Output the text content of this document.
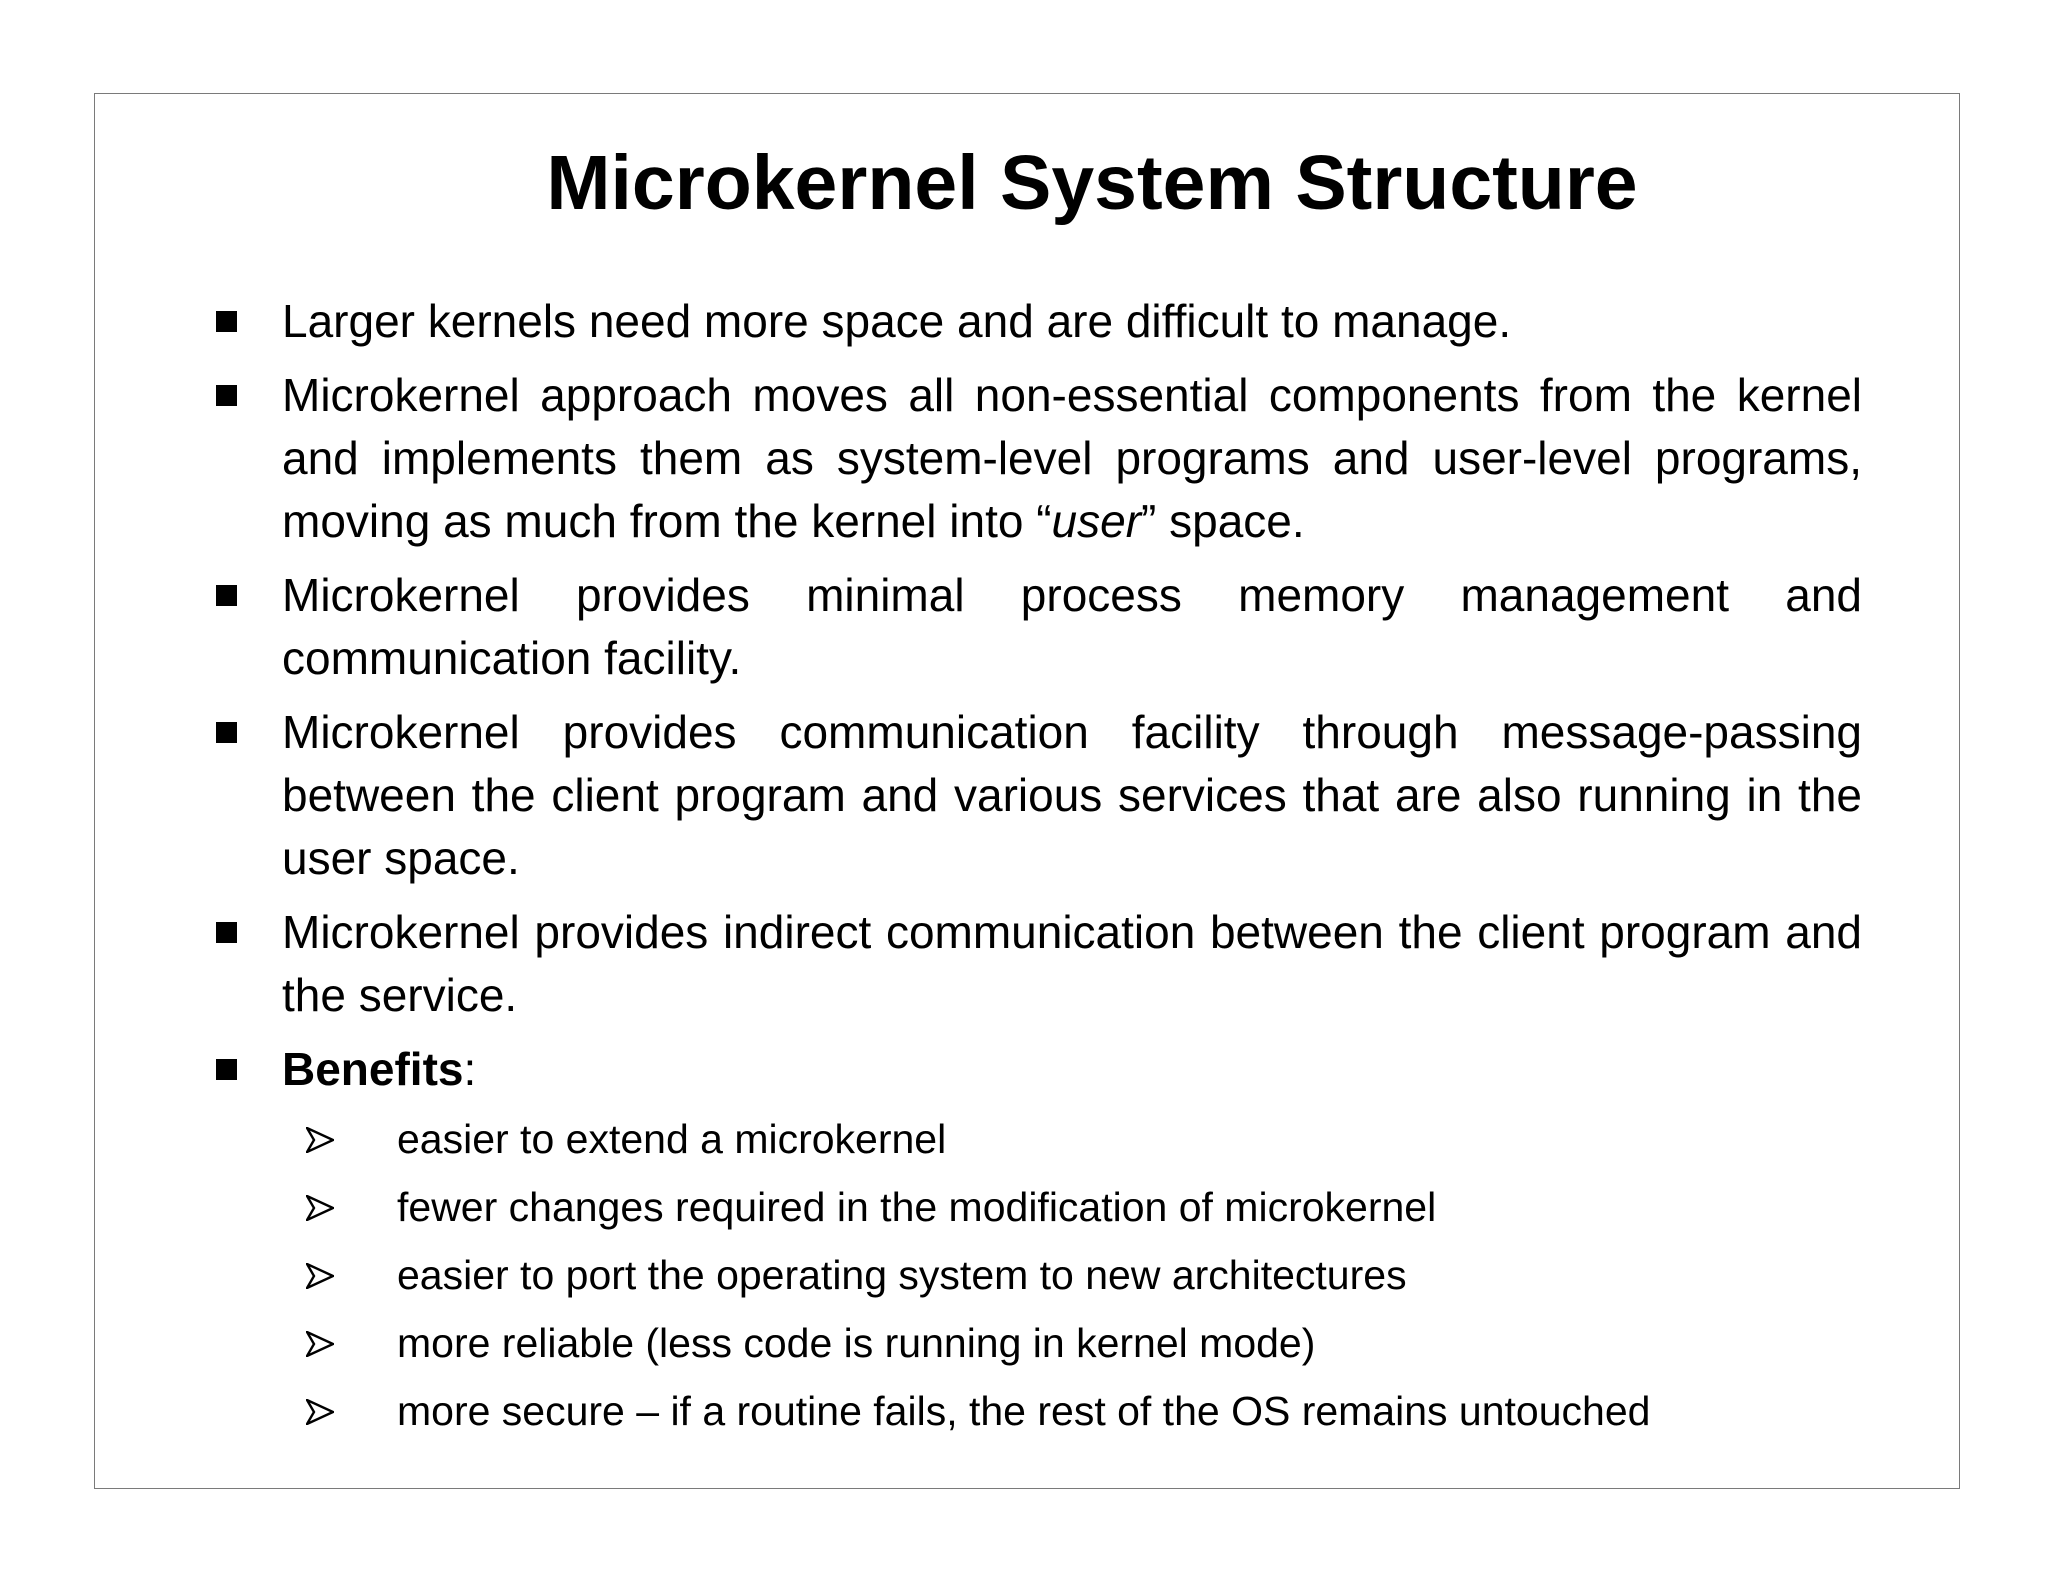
Microkernel System Structure
Larger kernels need more space and are difficult to manage.
Microkernel approach moves all non-essential components from the kernel and implements them as system-level programs and user-level programs, moving as much from the kernel into “user” space.
Microkernel provides minimal process memory management and communication facility.
Microkernel provides communication facility through message-passing between the client program and various services that are also running in the user space.
Microkernel provides indirect communication between the client program and the service.
Benefits:
easier to extend a microkernel
fewer changes required in the modification of microkernel
easier to port the operating system to new architectures
more reliable (less code is running in kernel mode)
more secure – if a routine fails, the rest of the OS remains untouched
